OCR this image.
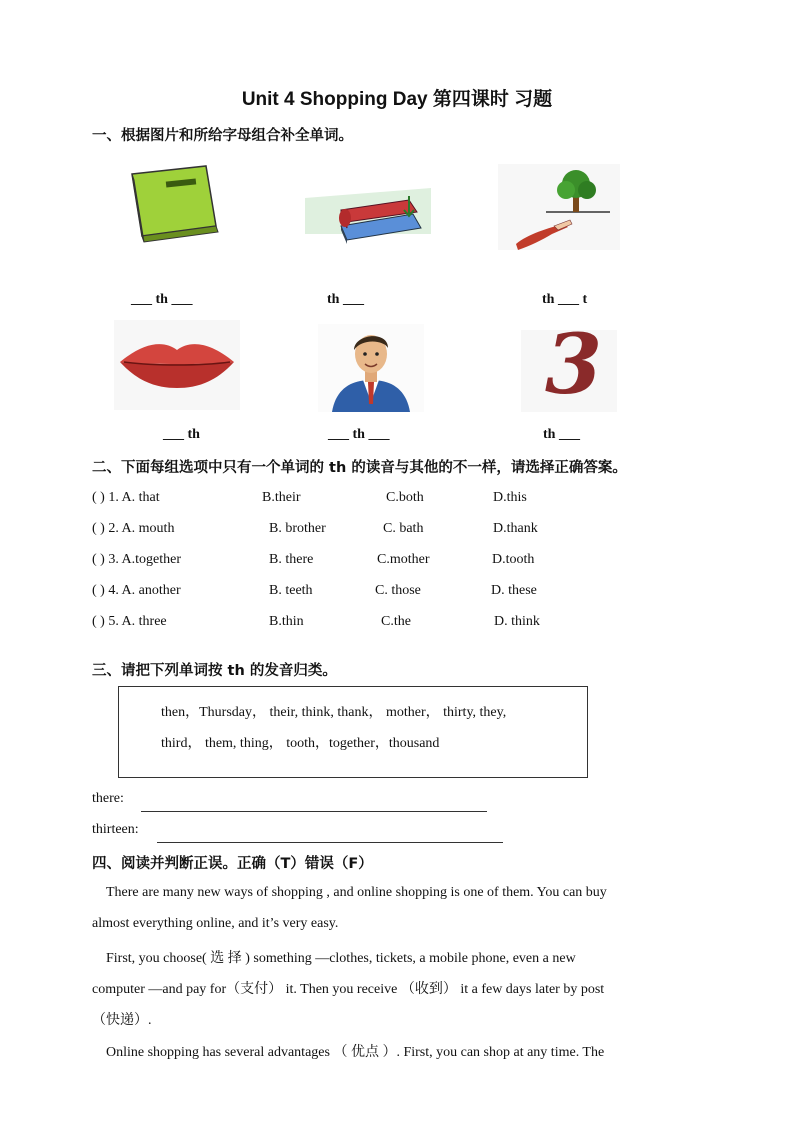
Unit 4 Shopping Day 第四课时 习题
一、根据图片和所给字母组合补全单词。
___ th ___	th ___	th ___ t
3
___ th	___ th ___	th ___
二、下面每组选项中只有一个单词的 th 的读音与其他的不一样，请选择正确答案。
( ) 1. A. that	B.their	C.both	D.this
( ) 2. A. mouth	B. brother	C. bath	D.thank
( ) 3. A.together	B. there	C.mother	D.tooth
( ) 4. A. another	B. teeth	C. those	D. these
( ) 5. A. three	B.thin	C.the	D. think
三、请把下列单词按 th 的发音归类。
then，Thursday， their, think, thank， mother， thirty, they,
third， them, thing， tooth，together，thousand
there:
thirteen:
四、阅读并判断正误。正确（T）错误（F）
There are many new ways of shopping , and online shopping is one of them. You can buy
almost everything online, and it’s very easy.
First, you choose( 选 择 ) something —clothes, tickets, a mobile phone, even a new
computer —and pay for（支付） it. Then you receive （收到） it a few days later by post
（快递）.
Online shopping has several advantages （ 优点 ）. First, you can shop at any time. The
